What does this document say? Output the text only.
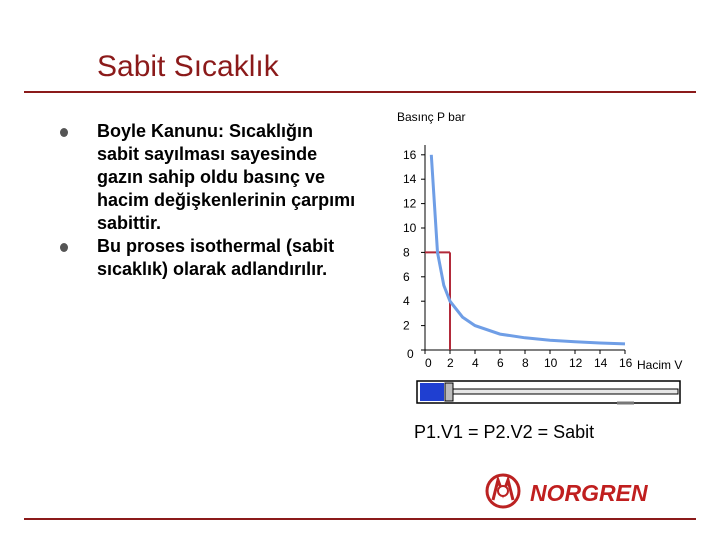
Sabit Sıcaklık
Boyle Kanunu: Sıcaklığın sabit sayılması sayesinde gazın sahip oldu basınç ve hacim değişkenlerinin çarpımı sabittir.
Bu proses isothermal (sabit sıcaklık) olarak adlandırılır.
Basınç P bar
Hacim V
0
2
4
6
8
10
12
14
16
0 2 4 6 8 10 12 14 16
P1.V1 = P2.V2 = Sabit
NORGREN
